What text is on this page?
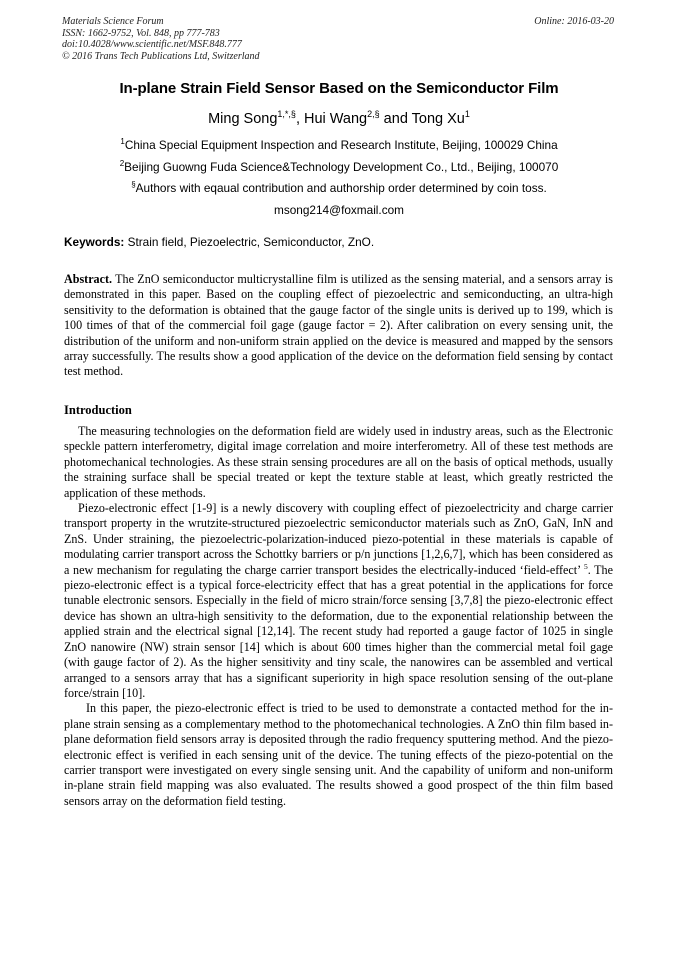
Materials Science Forum
ISSN: 1662-9752, Vol. 848, pp 777-783
doi:10.4028/www.scientific.net/MSF.848.777
© 2016 Trans Tech Publications Ltd, Switzerland
Online: 2016-03-20
In-plane Strain Field Sensor Based on the Semiconductor Film
Ming Song$^{1,*,\S}$, Hui Wang$^{2,\S}$ and Tong Xu$^1$
$^1$China Special Equipment Inspection and Research Institute, Beijing, 100029 China
$^2$Beijing Guowng Fuda Science&Technology Development Co., Ltd., Beijing, 100070
§Authors with eqaual contribution and authorship order determined by coin toss.
msong214@foxmail.com
Keywords: Strain field, Piezoelectric, Semiconductor, ZnO.

Abstract. The ZnO semiconductor multicrystalline film is utilized as the sensing material, and a sensors array is demonstrated in this paper. Based on the coupling effect of piezoelectric and semiconducting, an ultra-high sensitivity to the deformation is obtained that the gauge factor of the single units is derived up to 199, which is 100 times of that of the commercial foil gage (gauge factor = 2). After calibration on every sensing unit, the distribution of the uniform and non-uniform strain applied on the device is measured and mapped by the sensors array successfully. The results show a good application of the device on the deformation field sensing by contact test method.

Introduction

The measuring technologies on the deformation field are widely used in industry areas, such as the Electronic speckle pattern interferometry, digital image correlation and moire interferometry. All of these test methods are photomechanical technologies. As these strain sensing procedures are all on the basis of optical methods, usually the straining surface shall be special treated or kept the texture stable at least, which greatly restricted the application of these methods.

Piezo-electronic effect [1-9] is a newly discovery with coupling effect of piezoelectricity and charge carrier transport property in the wrutzite-structured piezoelectric semiconductor materials such as ZnO, GaN, InN and ZnS. Under straining, the piezoelectric-polarization-induced piezo-potential in these materials is capable of modulating carrier transport across the Schottky barriers or p/n junctions [1,2,6,7], which has been considered as a new mechanism for regulating the charge carrier transport besides the electrically-induced ‘field-effect’ $^5$. The piezo-electronic effect is a typical force-electricity effect that has a great potential in the applications for force tunable electronic sensors. Especially in the field of micro strain/force sensing [3,7,8] the piezo-electronic effect device has shown an ultra-high sensitivity to the deformation, due to the exponential relationship between the applied strain and the electrical signal [12,14]. The recent study had reported a gauge factor of 1025 in single ZnO nanowire (NW) strain sensor [14] which is about 600 times higher than the commercial metal foil gage (with gauge factor of 2). As the higher sensitivity and tiny scale, the nanowires can be assembled and vertical arranged to a sensors array that has a significant superiority in high space resolution sensing of the out-plane force/strain [10].

In this paper, the piezo-electronic effect is tried to be used to demonstrate a contacted method for the in-plane strain sensing as a complementary method to the photomechanical technologies. A ZnO thin film based in-plane deformation field sensors array is deposited through the radio frequency sputtering method. And the piezo-electronic effect is verified in each sensing unit of the device. The tuning effects of the piezo-potential on the carrier transport were investigated on every single sensing unit. And the capability of uniform and non-uniform in-plane strain field mapping was also evaluated. The results showed a good prospect of the thin film based sensors array on the deformation field testing.
